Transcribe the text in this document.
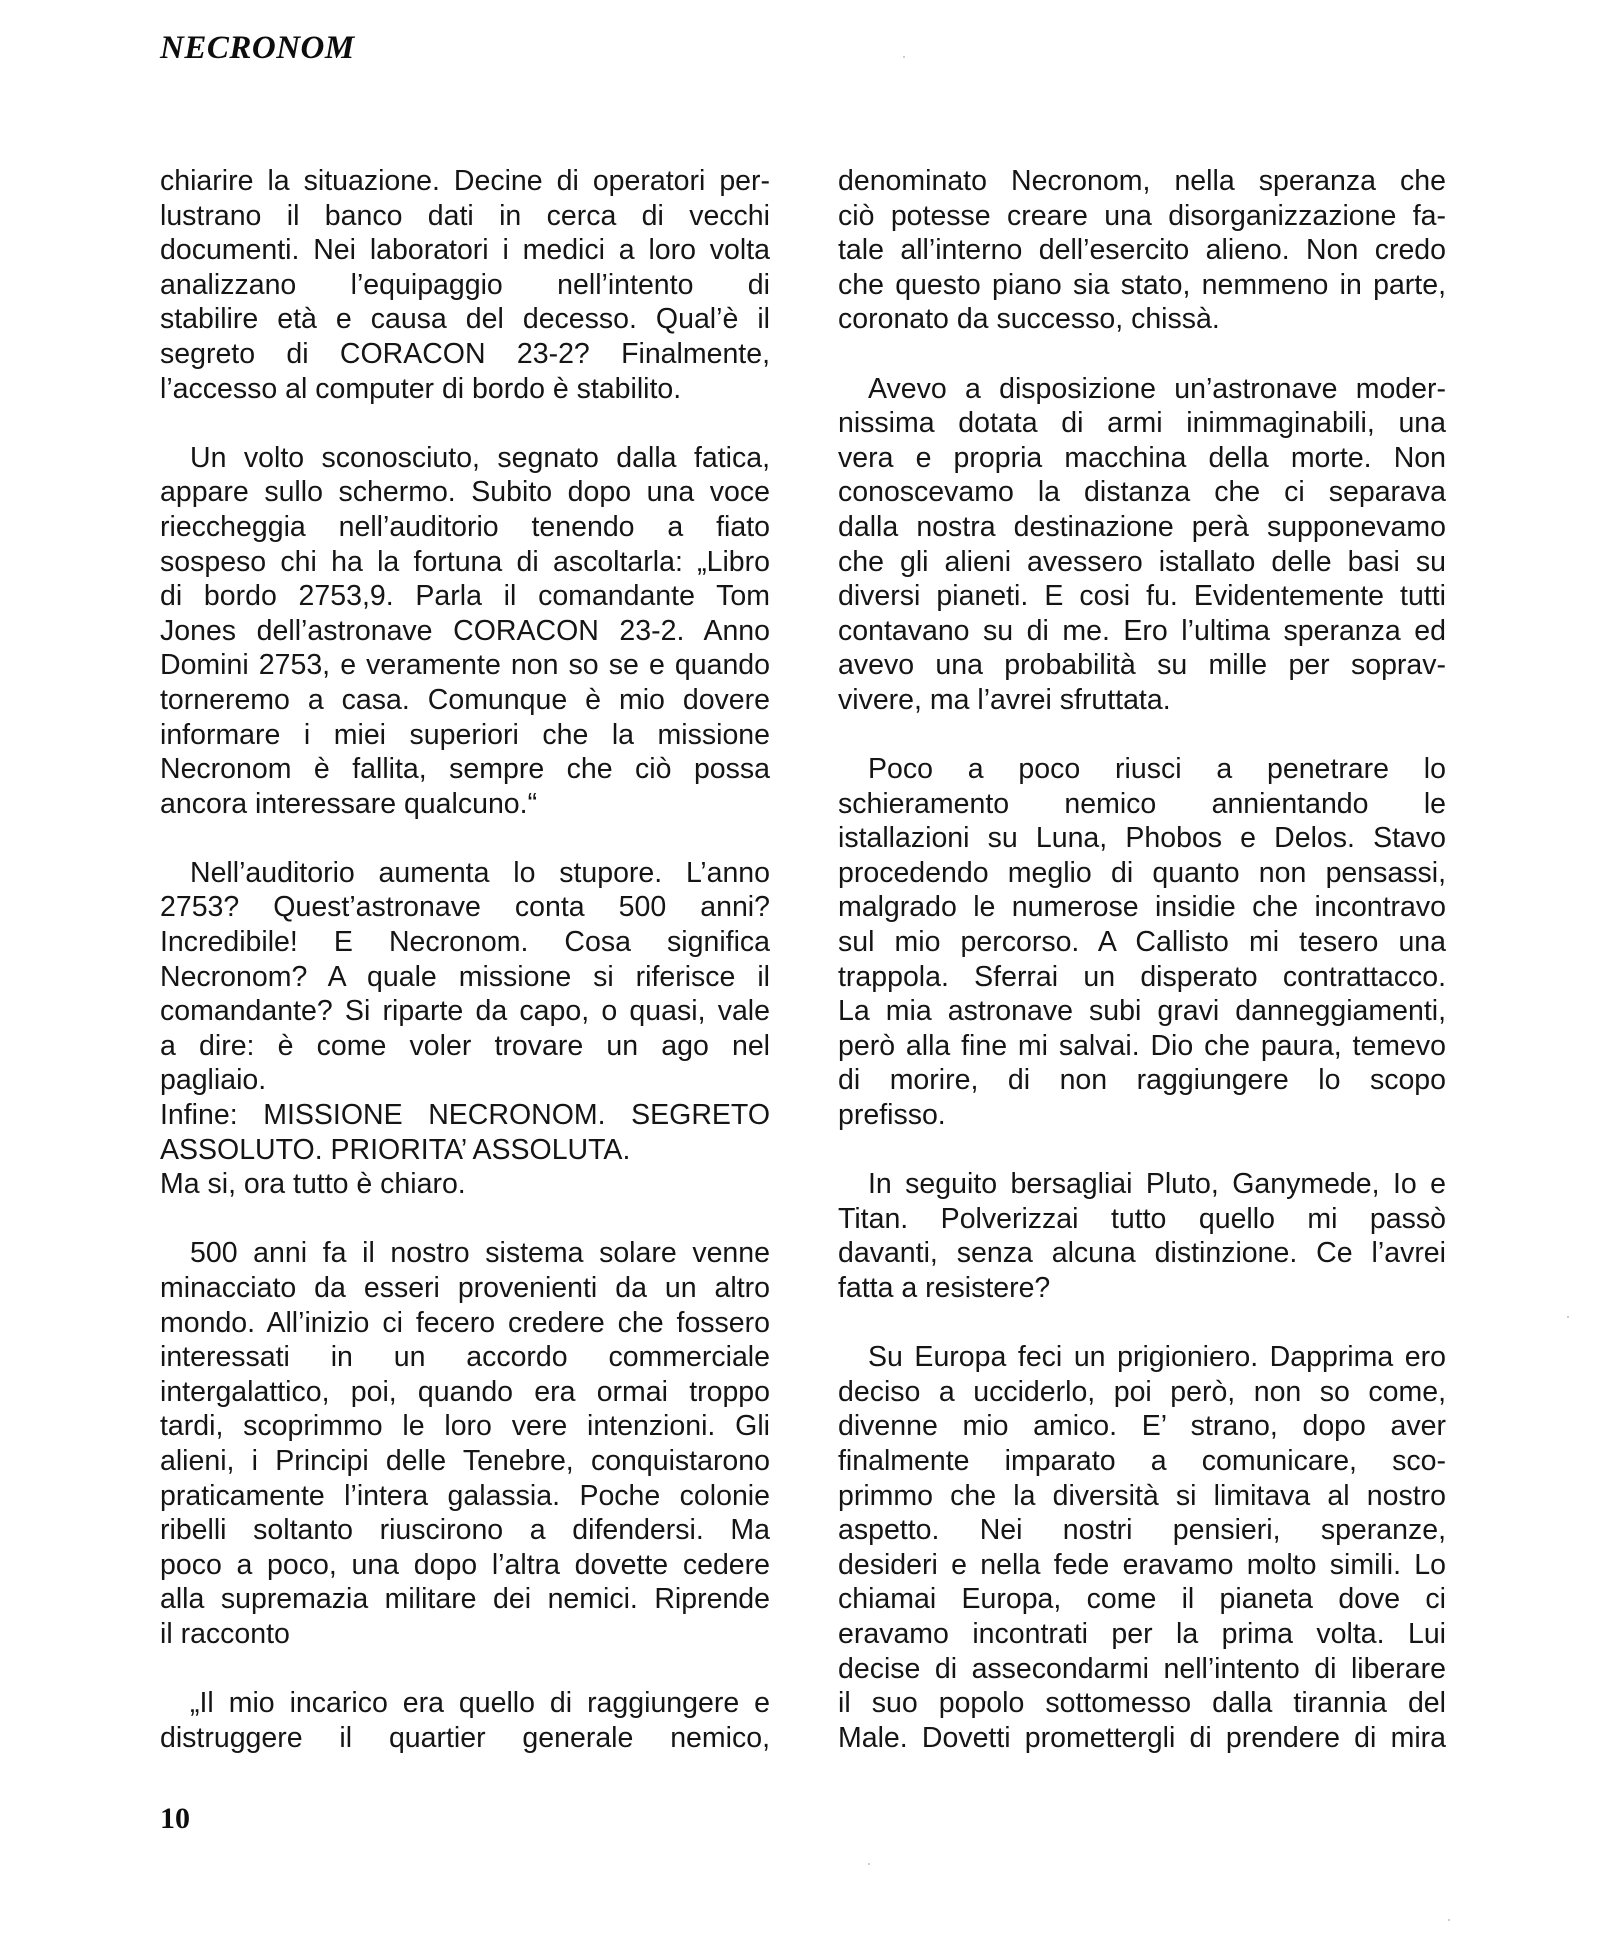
NECRONOM
chiarire la situazione. Decine di operatori per-
lustrano il banco dati in cerca di vecchi
documenti. Nei laboratori i medici a loro volta
analizzano l’equipaggio nell’intento di
stabilire età e causa del decesso. Qual’è il
segreto di CORACON 23-2? Finalmente,
l’accesso al computer di bordo è stabilito.
Un volto sconosciuto, segnato dalla fatica,
appare sullo schermo. Subito dopo una voce
riecchеggia nell’auditorio tenendo a fiato
sospeso chi ha la fortuna di ascoltarla: „Libro
di bordo 2753,9. Parla il comandante Tom
Jones dell’astronave CORACON 23-2. Anno
Domini 2753, e veramente non so se e quando
torneremo a casa. Comunque è mio dovere
informare i miei superiori che la missione
Necronom è fallita, sempre che ciò possa
ancora interessare qualcuno.“
Nell’auditorio aumenta lo stupore. L’anno
2753? Quest’astronave conta 500 anni?
Incredibile! E Necronom. Cosa significa
Necronom? A quale missione si riferisce il
comandante? Si riparte da capo, o quasi, vale
a dire: è come voler trovare un ago nel
pagliaio.
Infine: MISSIONE NECRONOM. SEGRETO
ASSOLUTO. PRIORITA’ ASSOLUTA.
Ma si, ora tutto è chiaro.
500 anni fa il nostro sistema solare venne
minacciato da esseri provenienti da un altro
mondo. All’inizio ci fecero credere che fossero
interessati in un accordo commerciale
intergalattico, poi, quando era ormai troppo
tardi, scoprimmo le loro vere intenzioni. Gli
alieni, i Principi delle Tenebre, conquistarono
praticamente l’intera galassia. Poche colonie
ribelli soltanto riuscirono a difendersi. Ma
poco a poco, una dopo l’altra dovette cedere
alla supremazia militare dei nemici. Riprende
il racconto
„Il mio incarico era quello di raggiungere e
distruggere il quartier generale nemico,
denominato Necronom, nella speranza che
ciò potesse creare una disorganizzazione fa-
tale all’interno dell’esercito alieno. Non credo
che questo piano sia stato, nemmeno in parte,
coronato da successo, chissà.
Avevo a disposizione un’astronave moder-
nissima dotata di armi inimmaginabili, una
vera e propria macchina della morte. Non
conoscevamo la distanza che ci separava
dalla nostra destinazione perà supponevamo
che gli alieni avessero istallato delle basi su
diversi pianeti. E cosi fu. Evidentemente tutti
contavano su di me. Ero l’ultima speranza ed
avevo una probabilità su mille per soprav-
vivere, ma l’avrei sfruttata.
Poco a poco riusci a penetrare lo
schieramento nemico annientando le
istallazioni su Luna, Phobos e Delos. Stavo
procedendo meglio di quanto non pensassi,
malgrado le numerose insidie che incontravo
sul mio percorso. A Callisto mi tesero una
trappola. Sferrai un disperato contrattacco.
La mia astronave subi gravi danneggiamenti,
però alla fine mi salvai. Dio che paura, temevo
di morire, di non raggiungere lo scopo
prefisso.
In seguito bersagliai Pluto, Ganymede, Io e
Titan. Polverizzai tutto quello mi passò
davanti, senza alcuna distinzione. Ce l’avrei
fatta a resistere?
Su Europa feci un prigioniero. Dapprima ero
deciso a ucciderlo, poi però, non so come,
divenne mio amico. E’ strano, dopo aver
finalmente imparato a comunicare, sco-
primmo che la diversità si limitava al nostro
aspetto. Nei nostri pensieri, speranze,
desideri e nella fede eravamo molto simili. Lo
chiamai Europa, come il pianeta dove ci
eravamo incontrati per la prima volta. Lui
decise di assecondarmi nell’intento di liberare
il suo popolo sottomesso dalla tirannia del
Male. Dovetti promettergli di prendere di mira
10
